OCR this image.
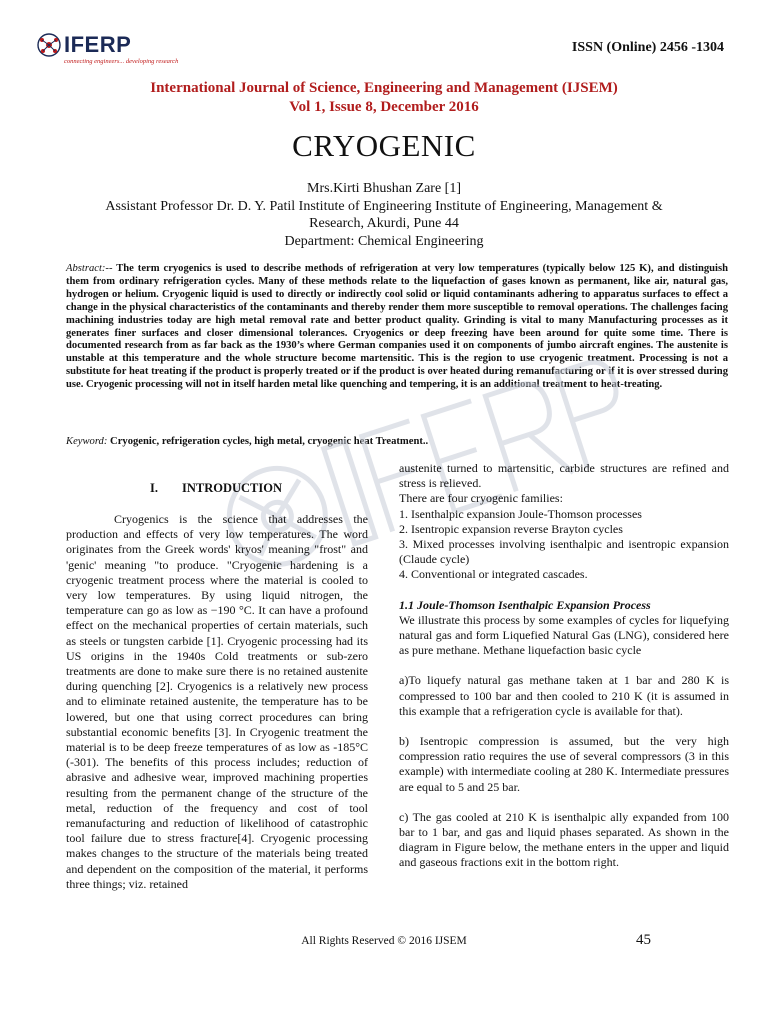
IFERP
connecting engineers... developing research
ISSN (Online) 2456 -1304
International Journal of Science, Engineering and Management (IJSEM)
Vol 1, Issue 8, December 2016
CRYOGENIC
Mrs.Kirti Bhushan Zare [1]
Assistant Professor Dr. D. Y. Patil Institute of Engineering Institute of Engineering, Management &
Research, Akurdi, Pune 44
Department: Chemical Engineering
Abstract:-- The term cryogenics is used to describe methods of refrigeration at very low temperatures (typically below 125 K), and distinguish them from ordinary refrigeration cycles. Many of these methods relate to the liquefaction of gases known as permanent, like air, natural gas, hydrogen or helium. Cryogenic liquid is used to directly or indirectly cool solid or liquid contaminants adhering to apparatus surfaces to effect a change in the physical characteristics of the contaminants and thereby render them more susceptible to removal operations. The challenges facing machining industries today are high metal removal rate and better product quality. Grinding is vital to many Manufacturing processes as it generates finer surfaces and closer dimensional tolerances. Cryogenics or deep freezing have been around for quite some time. There is documented research from as far back as the 1930’s where German companies used it on components of jumbo aircraft engines. The austenite is unstable at this temperature and the whole structure become martensitic. This is the region to use cryogenic treatment. Processing is not a substitute for heat treating if the product is properly treated or if the product is over heated during remanufacturing or if it is over stressed during use. Cryogenic processing will not in itself harden metal like quenching and tempering, it is an additional treatment to heat-treating.
Keyword: Cryogenic, refrigeration cycles, high metal, cryogenic heat Treatment..
I. INTRODUCTION

Cryogenics is the science that addresses the production and effects of very low temperatures. The word originates from the Greek words' kryos' meaning "frost" and 'genic' meaning "to produce. "Cryogenic hardening is a cryogenic treatment process where the material is cooled to very low temperatures. By using liquid nitrogen, the temperature can go as low as −190 °C. It can have a profound effect on the mechanical properties of certain materials, such as steels or tungsten carbide [1]. Cryogenic processing had its US origins in the 1940s Cold treatments or sub-zero treatments are done to make sure there is no retained austenite during quenching [2]. Cryogenics is a relatively new process and to eliminate retained austenite, the temperature has to be lowered, but one that using correct procedures can bring substantial economic benefits [3]. In Cryogenic treatment the material is to be deep freeze temperatures of as low as -185°C (-301). The benefits of this process includes; reduction of abrasive and adhesive wear, improved machining properties resulting from the permanent change of the structure of the metal, reduction of the frequency and cost of tool remanufacturing and reduction of likelihood of catastrophic tool failure due to stress fracture[4]. Cryogenic processing makes changes to the structure of the materials being treated and dependent on the composition of the material, it performs three things; viz. retained

austenite turned to martensitic, carbide structures are refined and stress is relieved.

There are four cryogenic families:

1. Isenthalpic expansion Joule-Thomson processes

2. Isentropic expansion reverse Brayton cycles

3. Mixed processes involving isenthalpic and isentropic expansion (Claude cycle)

4. Conventional or integrated cascades.

1.1 Joule-Thomson Isenthalpic Expansion Process

We illustrate this process by some examples of cycles for liquefying natural gas and form Liquefied Natural Gas (LNG), considered here as pure methane. Methane liquefaction basic cycle

a)To liquefy natural gas methane taken at 1 bar and 280 K is compressed to 100 bar and then cooled to 210 K (it is assumed in this example that a refrigeration cycle is available for that).

b) Isentropic compression is assumed, but the very high compression ratio requires the use of several compressors (3 in this example) with intermediate cooling at 280 K. Intermediate pressures are equal to 5 and 25 bar.

c) The gas cooled at 210 K is isenthalpic ally expanded from 100 bar to 1 bar, and gas and liquid phases separated. As shown in the diagram in Figure below, the methane enters in the upper and liquid and gaseous fractions exit in the bottom right.

All Rights Reserved © 2016 IJSEM	45
